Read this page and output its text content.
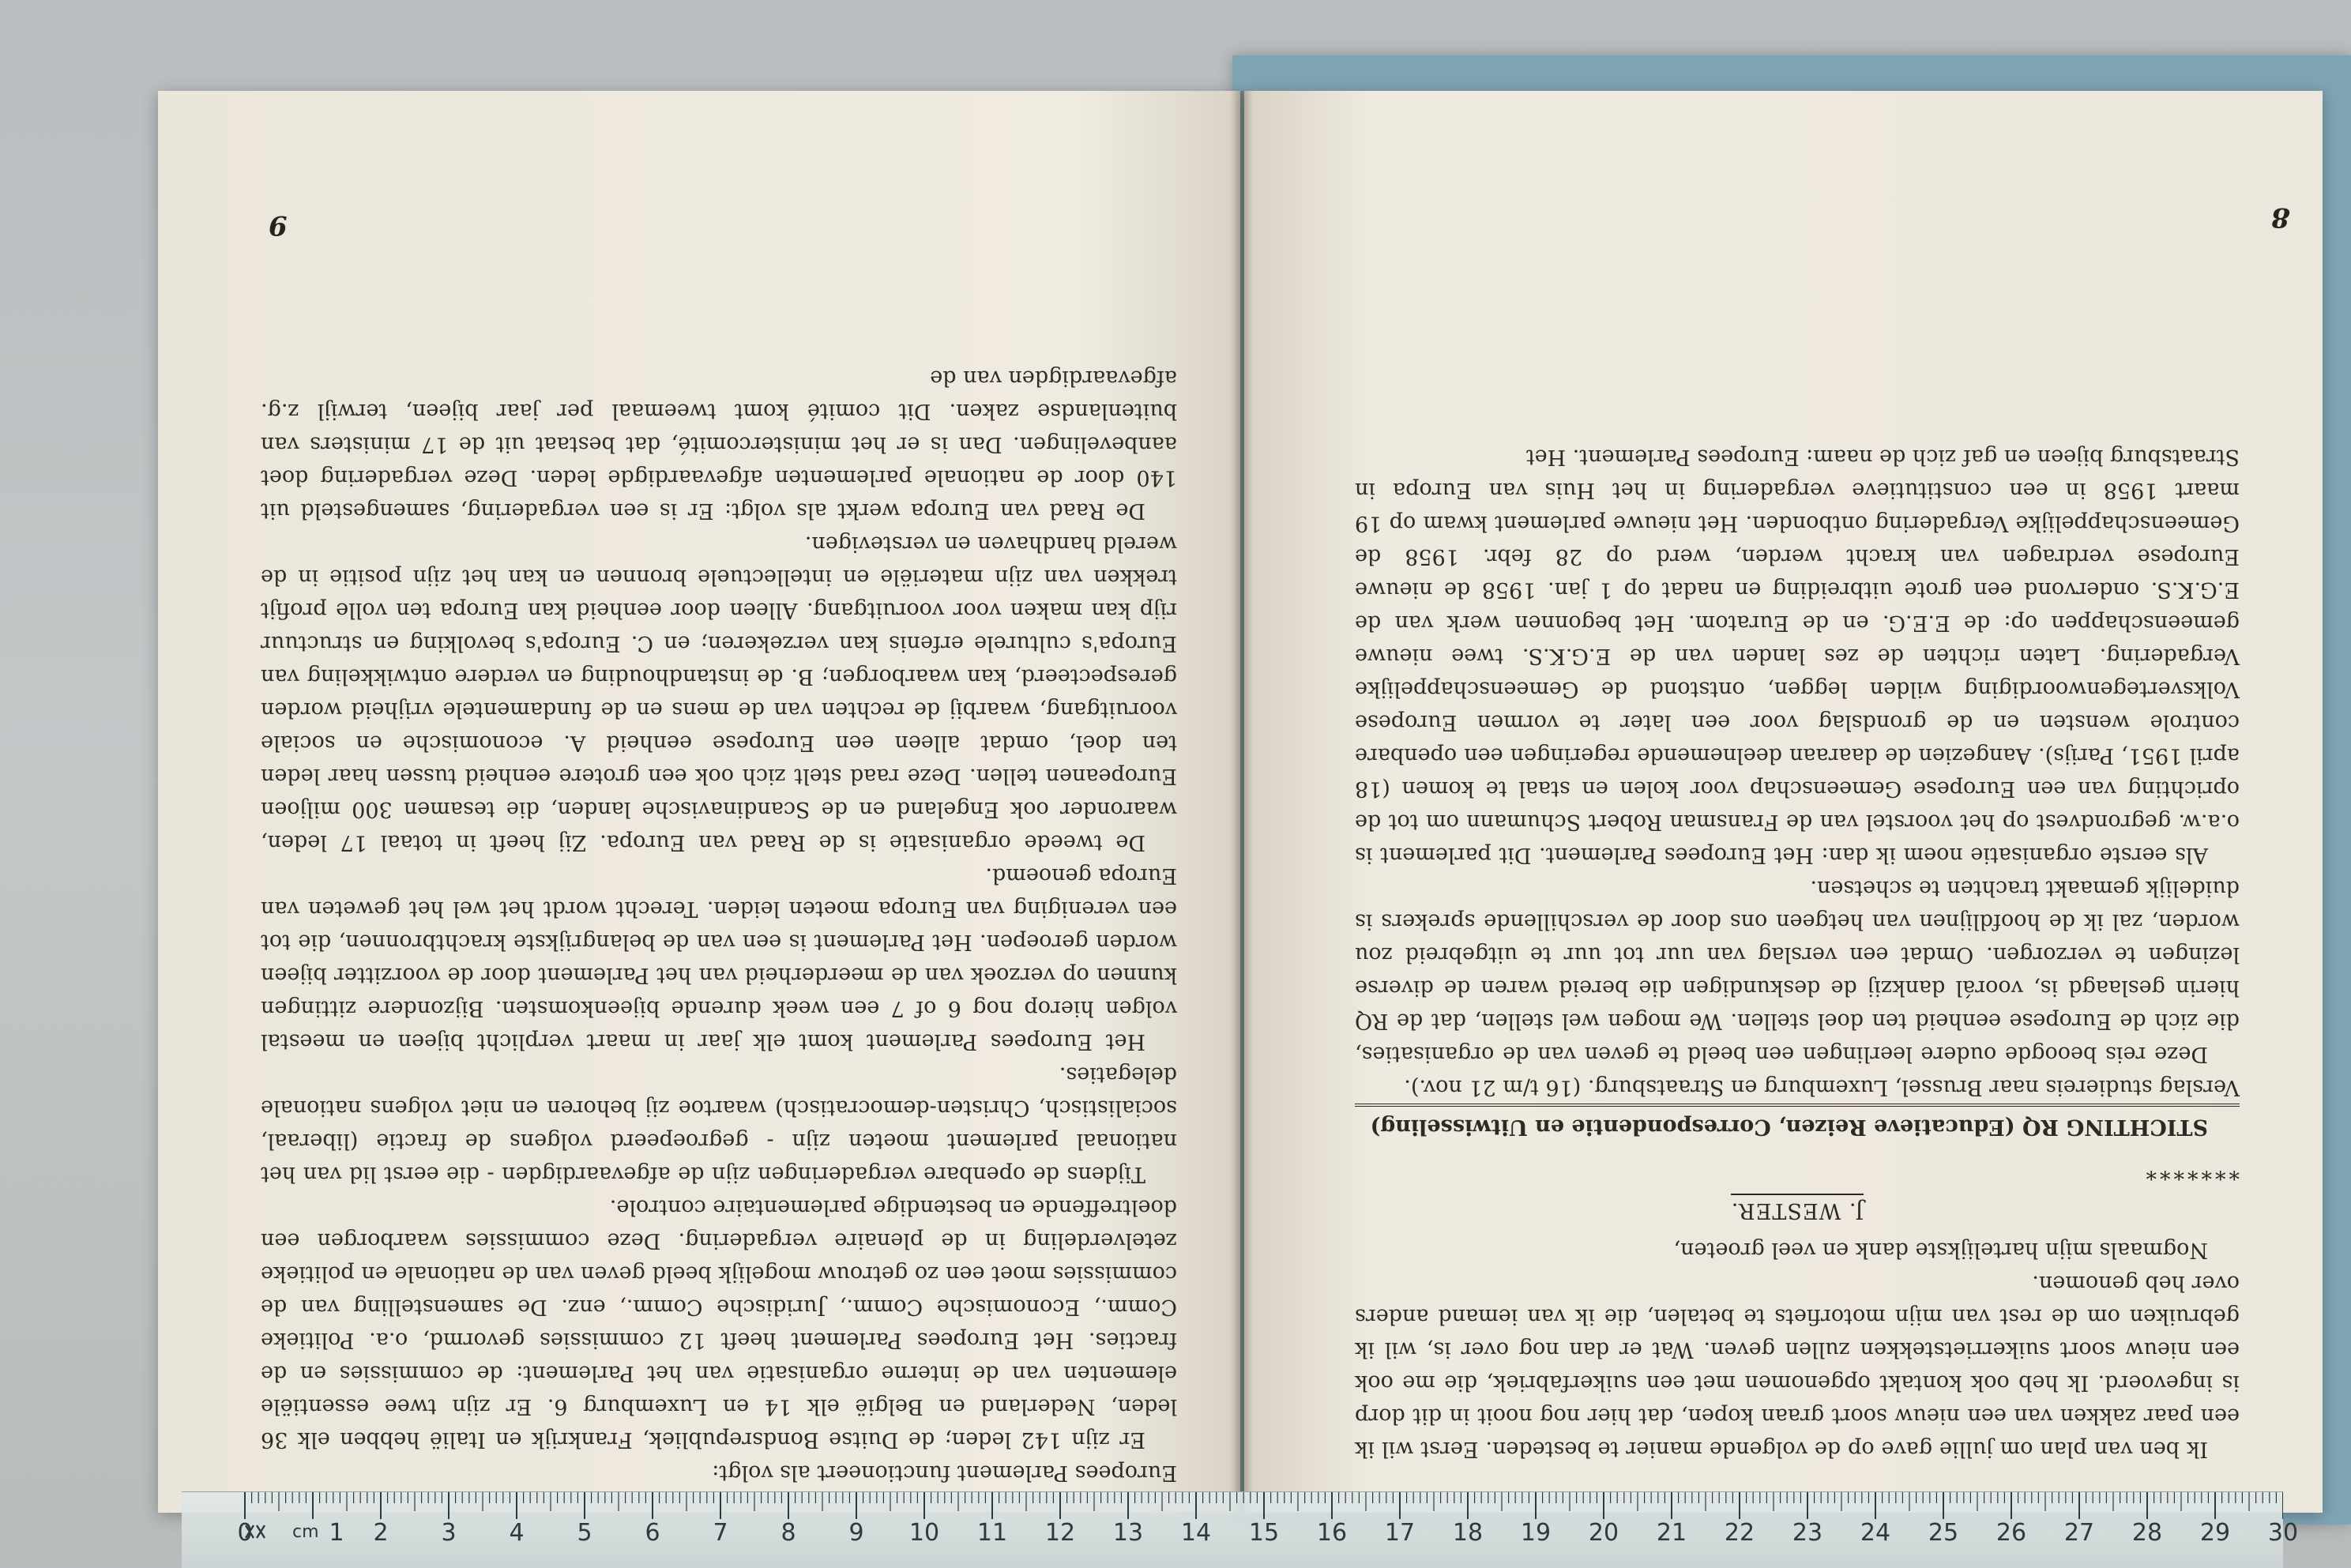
9

Europees Parlement functioneert als volgt:

Er zijn 142 leden; de Duitse Bondsrepubliek, Frankrijk en Italië hebben elk 36 leden, Nederland en België elk 14 en Luxemburg 6. Er zijn twee essentiële elementen van de interne organisatie van het Parlement: de commissies en de fracties. Het Europees Parlement heeft 12 commissies gevormd, o.a. Politieke Comm., Economische Comm., Juridische Comm., enz. De samenstelling van de commissies moet een zo getrouw mogelijk beeld geven van de nationale en politieke zetelverdeling in de plenaire vergadering. Deze commissies waarborgen een doeltreffende en bestendige parlementaire controle.

Tijdens de openbare vergaderingen zijn de afgevaardigden - die eerst lid van het nationaal parlement moeten zijn - gegroepeerd volgens de fractie (liberaal, socialistisch, Christen-democratisch) waartoe zij behoren en niet volgens nationale delegaties.

Het Europees Parlement komt elk jaar in maart verplicht bijeen en meestal volgen hierop nog 6 of 7 een week durende bijeenkomsten. Bijzondere zittingen kunnen op verzoek van de meerderheid van het Parlement door de voorzitter bijeen worden geroepen. Het Parlement is een van de belangrijkste krachtbronnen, die tot een vereniging van Europa moeten leiden. Terecht wordt het wel het geweten van Europa genoemd.

De tweede organisatie is de Raad van Europa. Zij heeft in totaal 17 leden, waaronder ook Engeland en de Scandinavische landen, die tesamen 300 miljoen Europeanen tellen. Deze raad stelt zich ook een grotere eenheid tussen haar leden ten doel, omdat alleen een Europese eenheid A. economische en sociale vooruitgang, waarbij de rechten van de mens en de fundamentele vrijheid worden gerespecteerd, kan waarborgen; B. de instandhouding en verdere ontwikkeling van Europa's culturele erfenis kan verzekeren; en C. Europa's bevolking en structuur rijp kan maken voor vooruitgang. Alleen door eenheid kan Europa ten volle profijt trekken van zijn materiële en intellectuele bronnen en kan het zijn positie in de wereld handhaven en verstevigen.

De Raad van Europa werkt als volgt: Er is een vergadering, samengesteld uit 140 door de nationale parlementen afgevaardigde leden. Deze vergadering doet aanbevelingen. Dan is er het ministercomité, dat bestaat uit de 17 ministers van buitenlandse zaken. Dit comité komt tweemaal per jaar bijeen, terwijl z.g. afgevaardigden van de

8

Ik ben van plan om jullie gave op de volgende manier te besteden. Eerst wil ik een paar zakken van een nieuw soort graan kopen, dat hier nog nooit in dit dorp is ingevoerd. Ik heb ook kontakt opgenomen met een suikerfabriek, die me ook een nieuw soort suikerrietstekken zullen geven. Wat er dan nog over is, wil ik gebruiken om de rest van mijn motorfiets te betalen, die ik van iemand anders over heb genomen.

Nogmaals mijn hartelijkste dank en veel groeten,

J. WESTER.
*******

STICHTING RQ (Educatieve Reizen, Correspondentie en Uitwisseling)

Verslag studiereis naar Brussel, Luxemburg en Straatsburg. (16 t/m 21 nov.).

Deze reis beoogde oudere leerlingen een beeld te geven van de organisaties, die zich de Europese eenheid ten doel stellen. We mogen wel stellen, dat de RQ hierin geslaagd is, voorál dankzij de deskundigen die bereid waren de diverse lezingen te verzorgen. Omdat een verslag van uur tot uur te uitgebreid zou worden, zal ik de hoofdlijnen van hetgeen ons door de verschillende sprekers is duidelijk gemaakt trachten te schetsen.

Als eerste organisatie noem ik dan: Het Europees Parlement. Dit parlement is o.a.w. gegrondvest op het voorstel van de Fransman Robert Schumann om tot de oprichting van een Europese Gemeenschap voor kolen en staal te komen (18 april 1951, Parijs). Aangezien de daaraan deelnemende regeringen een openbare controle wensten en de grondslag voor een later te vormen Europese Volksvertegenwoordiging wilden leggen, ontstond de Gemeenschappelijke Vergadering. Laten richten de zes landen van de E.G.K.S. twee nieuwe gemeenschappen op: de E.E.G. en de Euratom. Het begonnen werk van de E.G.K.S. ondervond een grote uitbreiding en nadat op 1 jan. 1958 de nieuwe Europese verdragen van kracht werden, werd op 28 febr. 1958 de Gemeenschappelijke Vergadering ontbonden. Het nieuwe parlement kwam op 19 maart 1958 in een constitutieve vergadering in het Huis van Europa in Straatsburg bijeen en gaf zich de naam: Europees Parlement. Het

cm
0	1 2 3 4 5 6 7 8 9 10 11 12 13 14 15 16 17 18 19 20 21 22 23 24 25 26 27 28 29 30
